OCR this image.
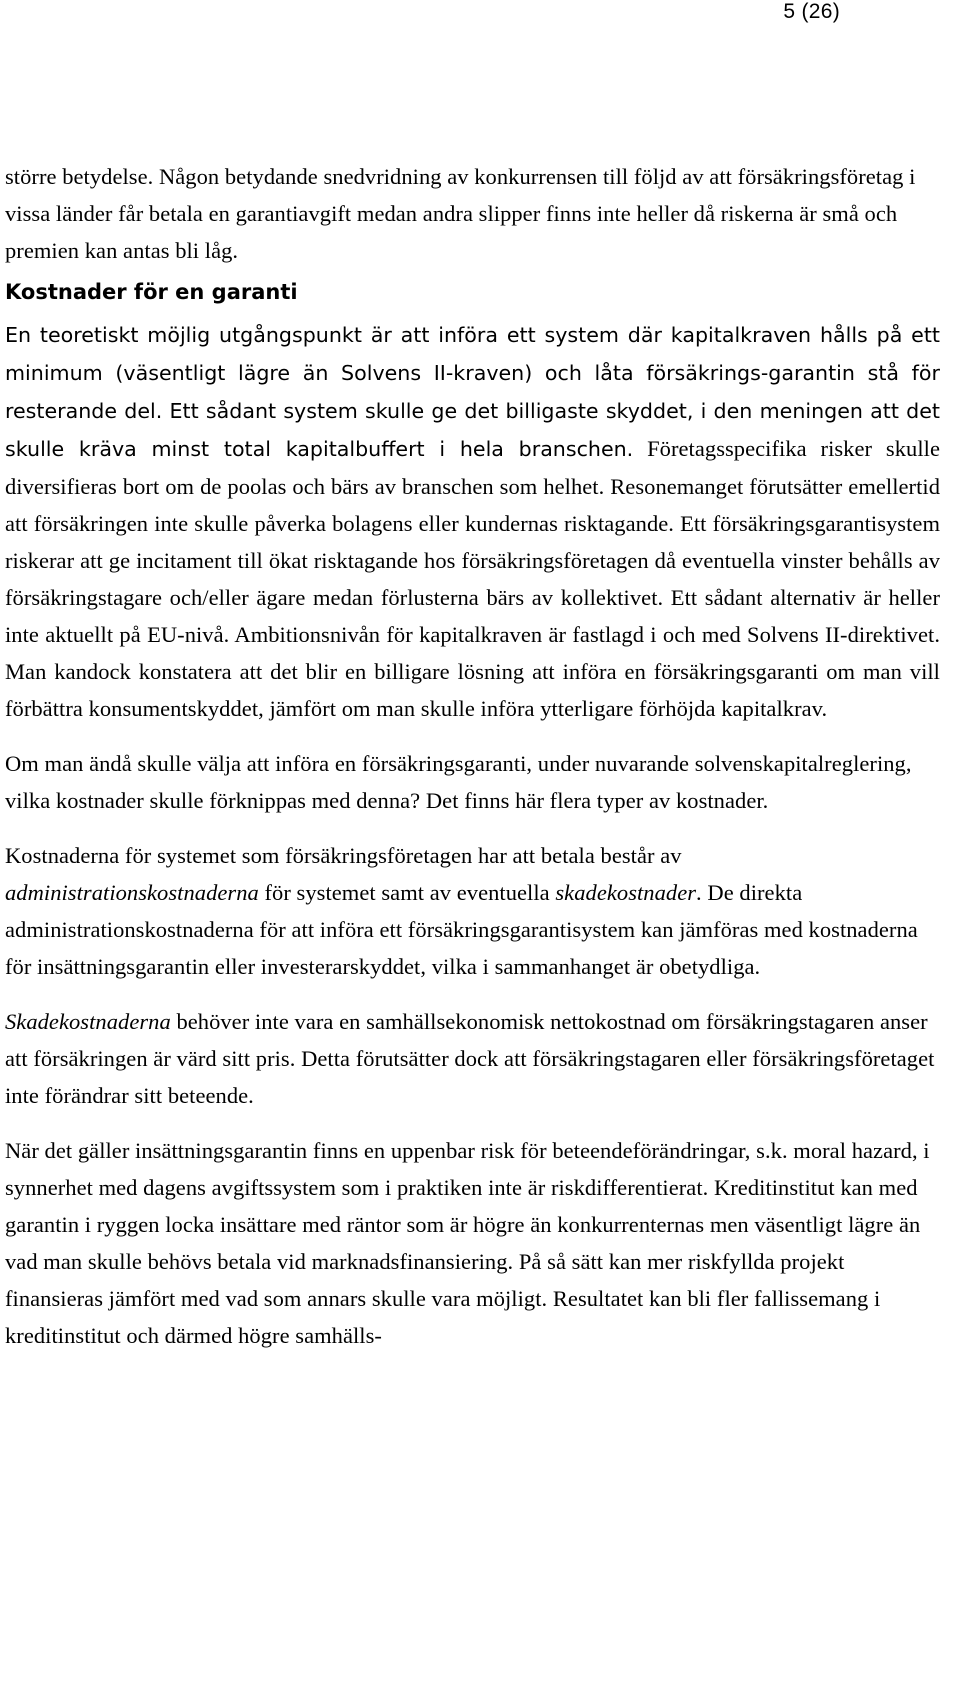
5 (26)

större betydelse. Någon betydande snedvridning av konkurrensen till följd av att försäkringsföretag i vissa länder får betala en garantiavgift medan andra slipper finns inte heller då riskerna är små och premien kan antas bli låg.

Kostnader för en garanti

En teoretiskt möjlig utgångspunkt är att införa ett system där kapitalkraven hålls på ett minimum (väsentligt lägre än Solvens II-kraven) och låta försäkrings-garantin stå för resterande del. Ett sådant system skulle ge det billigaste skyddet, i den meningen att det skulle kräva minst total kapitalbuffert i hela branschen. Företagsspecifika risker skulle diversifieras bort om de poolas och bärs av branschen som helhet. Resonemanget förutsätter emellertid att försäkringen inte skulle påverka bolagens eller kundernas risktagande. Ett försäkringsgarantisystem riskerar att ge incitament till ökat risktagande hos försäkringsföretagen då eventuella vinster behålls av försäkringstagare och/eller ägare medan förlusterna bärs av kollektivet. Ett sådant alternativ är heller inte aktuellt på EU-nivå. Ambitionsnivån för kapitalkraven är fastlagd i och med Solvens II-direktivet. Man kandock konstatera att det blir en billigare lösning att införa en försäkringsgaranti om man vill förbättra konsumentskyddet, jämfört om man skulle införa ytterligare förhöjda kapitalkrav.

Om man ändå skulle välja att införa en försäkringsgaranti, under nuvarande solvenskapitalreglering, vilka kostnader skulle förknippas med denna? Det finns här flera typer av kostnader.

Kostnaderna för systemet som försäkringsföretagen har att betala består av administrationskostnaderna för systemet samt av eventuella skadekostnader. De direkta administrationskostnaderna för att införa ett försäkringsgarantisystem kan jämföras med kostnaderna för insättningsgarantin eller investerarskyddet, vilka i sammanhanget är obetydliga.

Skadekostnaderna behöver inte vara en samhällsekonomisk nettokostnad om försäkringstagaren anser att försäkringen är värd sitt pris. Detta förutsätter dock att försäkringstagaren eller försäkringsföretaget inte förändrar sitt beteende.

När det gäller insättningsgarantin finns en uppenbar risk för beteendeförändringar, s.k. moral hazard, i synnerhet med dagens avgiftssystem som i praktiken inte är riskdifferentierat. Kreditinstitut kan med garantin i ryggen locka insättare med räntor som är högre än konkurrenternas men väsentligt lägre än vad man skulle behövs betala vid marknadsfinansiering. På så sätt kan mer riskfyllda projekt finansieras jämfört med vad som annars skulle vara möjligt. Resultatet kan bli fler fallissemang i kreditinstitut och därmed högre samhälls-
